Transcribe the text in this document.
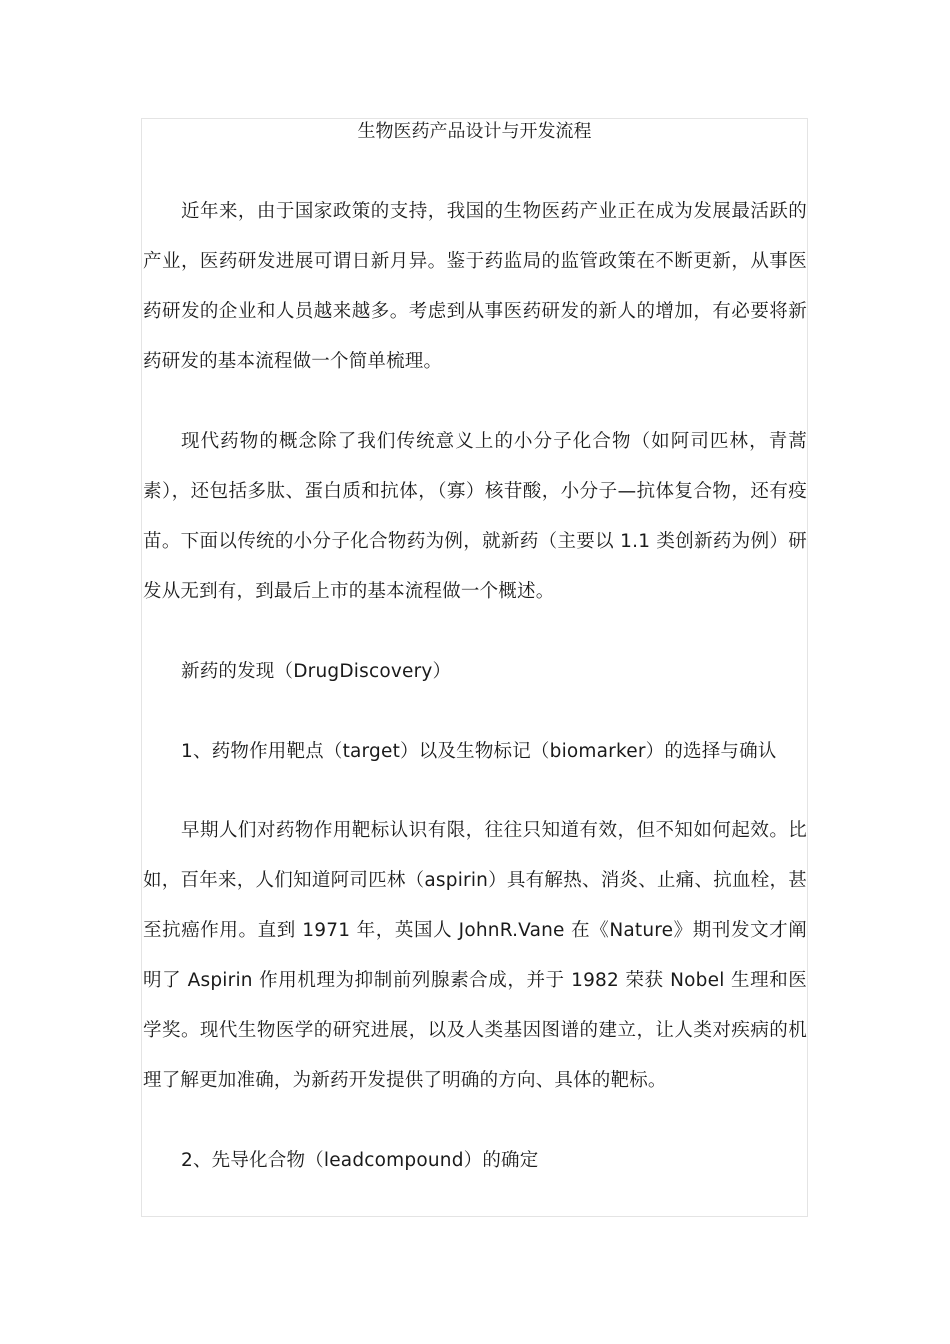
生物医药产品设计与开发流程

近年来，由于国家政策的支持，我国的生物医药产业正在成为发展最活跃的产业，医药研发进展可谓日新月异。鉴于药监局的监管政策在不断更新，从事医药研发的企业和人员越来越多。考虑到从事医药研发的新人的增加，有必要将新药研发的基本流程做一个简单梳理。

现代药物的概念除了我们传统意义上的小分子化合物（如阿司匹林，青蒿素），还包括多肽、蛋白质和抗体，（寡）核苷酸，小分子—抗体复合物，还有疫苗。下面以传统的小分子化合物药为例，就新药（主要以 1.1 类创新药为例）研发从无到有，到最后上市的基本流程做一个概述。

新药的发现（DrugDiscovery）

1、药物作用靶点（target）以及生物标记（biomarker）的选择与确认

早期人们对药物作用靶标认识有限，往往只知道有效，但不知如何起效。比如，百年来，人们知道阿司匹林（aspirin）具有解热、消炎、止痛、抗血栓，甚至抗癌作用。直到 1971 年，英国人 JohnR.Vane 在《Nature》期刊发文才阐明了 Aspirin 作用机理为抑制前列腺素合成，并于 1982 荣获 Nobel 生理和医学奖。现代生物医学的研究进展，以及人类基因图谱的建立，让人类对疾病的机理了解更加准确，为新药开发提供了明确的方向、具体的靶标。

2、先导化合物（leadcompound）的确定
